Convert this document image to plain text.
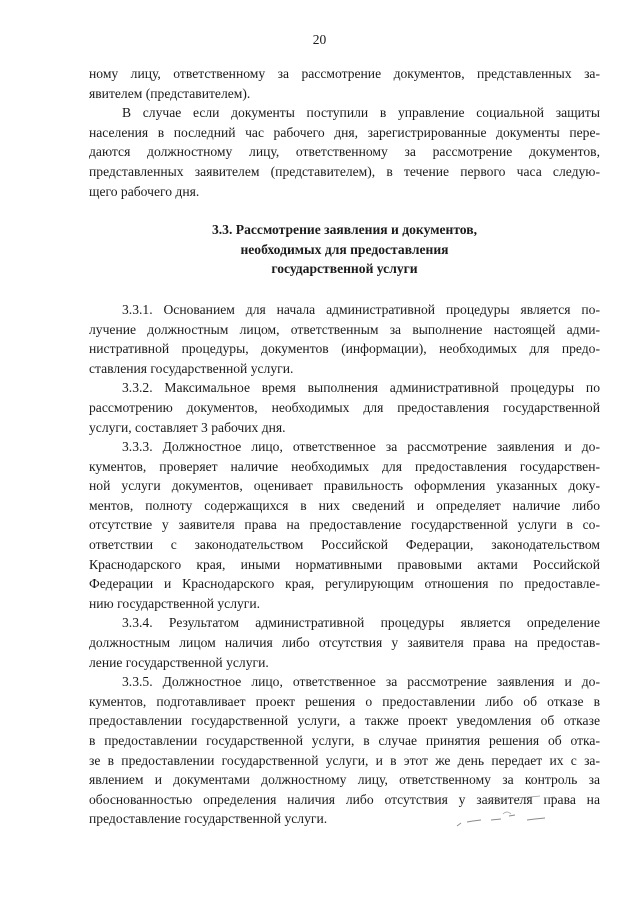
20
ному лицу, ответственному за рассмотрение документов, представленных за-
явителем (представителем).
В случае если документы поступили в управление социальной защиты
населения в последний час рабочего дня, зарегистрированные документы пере-
даются должностному лицу, ответственному за рассмотрение документов,
представленных заявителем (представителем), в течение первого часа следую-
щего рабочего дня.
3.3. Рассмотрение заявления и документов,
необходимых для предоставления
государственной услуги
3.3.1. Основанием для начала административной процедуры является по-
лучение должностным лицом, ответственным за выполнение настоящей адми-
нистративной процедуры, документов (информации), необходимых для предо-
ставления государственной услуги.
3.3.2. Максимальное время выполнения административной процедуры по
рассмотрению документов, необходимых для предоставления государственной
услуги, составляет 3 рабочих дня.
3.3.3. Должностное лицо, ответственное за рассмотрение заявления и до-
кументов, проверяет наличие необходимых для предоставления государствен-
ной услуги документов, оценивает правильность оформления указанных доку-
ментов, полноту содержащихся в них сведений и определяет наличие либо
отсутствие у заявителя права на предоставление государственной услуги в со-
ответствии с законодательством Российской Федерации, законодательством
Краснодарского края, иными нормативными правовыми актами Российской
Федерации и Краснодарского края, регулирующим отношения по предоставле-
нию государственной услуги.
3.3.4. Результатом административной процедуры является определение
должностным лицом наличия либо отсутствия у заявителя права на предостав-
ление государственной услуги.
3.3.5. Должностное лицо, ответственное за рассмотрение заявления и до-
кументов, подготавливает проект решения о предоставлении либо об отказе в
предоставлении государственной услуги, а также проект уведомления об отказе
в предоставлении государственной услуги, в случае принятия решения об отка-
зе в предоставлении государственной услуги, и в этот же день передает их с за-
явлением и документами должностному лицу, ответственному за контроль за
обоснованностью определения наличия либо отсутствия у заявителя права на
предоставление государственной услуги.
